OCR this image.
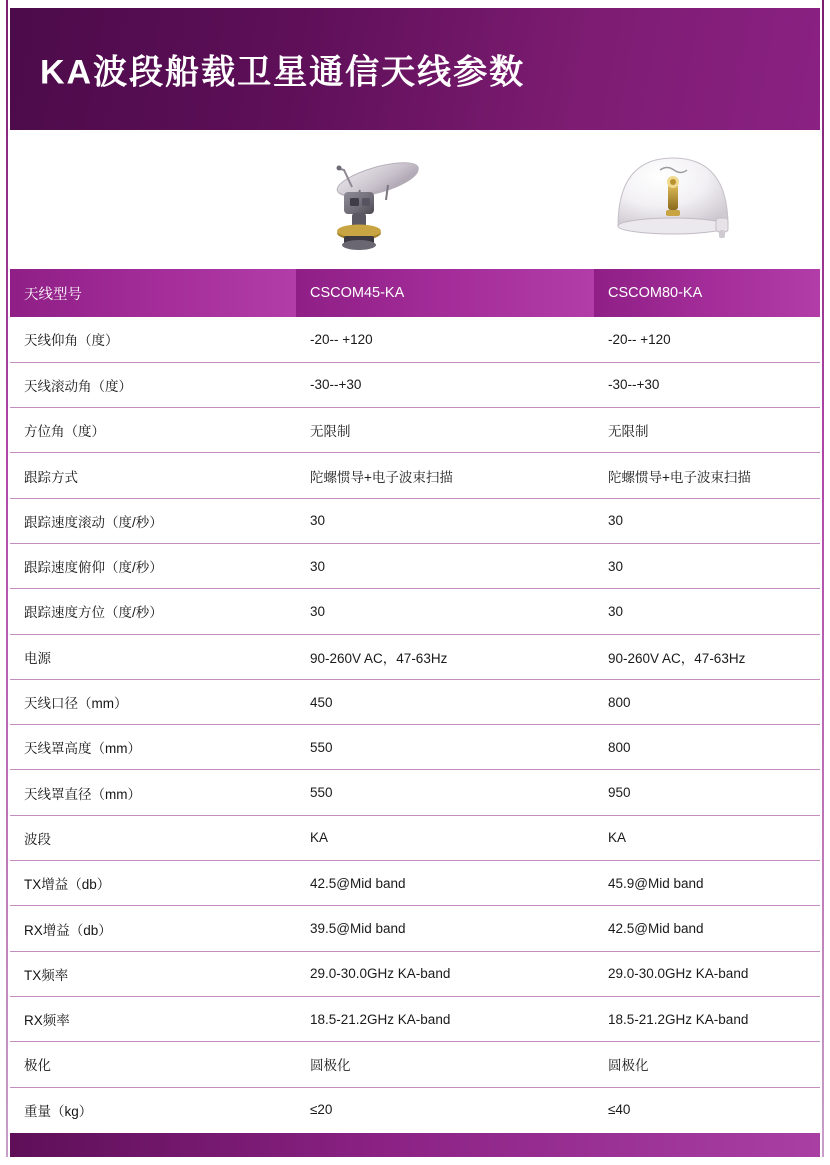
KA波段船载卫星通信天线参数
天线型号	CSCOM45-KA	CSCOM80-KA
天线仰角（度）	-20-- +120	-20-- +120
天线滚动角（度）	-30--+30	-30--+30
方位角（度）	无限制	无限制
跟踪方式	陀螺惯导+电子波束扫描	陀螺惯导+电子波束扫描
跟踪速度滚动（度/秒）	30	30
跟踪速度俯仰（度/秒）	30	30
跟踪速度方位（度/秒）	30	30
电源	90-260V AC，47-63Hz	90-260V AC，47-63Hz
天线口径（mm）	450	800
天线罩高度（mm）	550	800
天线罩直径（mm）	550	950
波段	KA	KA
TX增益（db）	42.5@Mid band	45.9@Mid band
RX增益（db）	39.5@Mid band	42.5@Mid band
TX频率	29.0-30.0GHz KA-band	29.0-30.0GHz KA-band
RX频率	18.5-21.2GHz KA-band	18.5-21.2GHz KA-band
极化	圆极化	圆极化
重量（kg）	≤20	≤40
